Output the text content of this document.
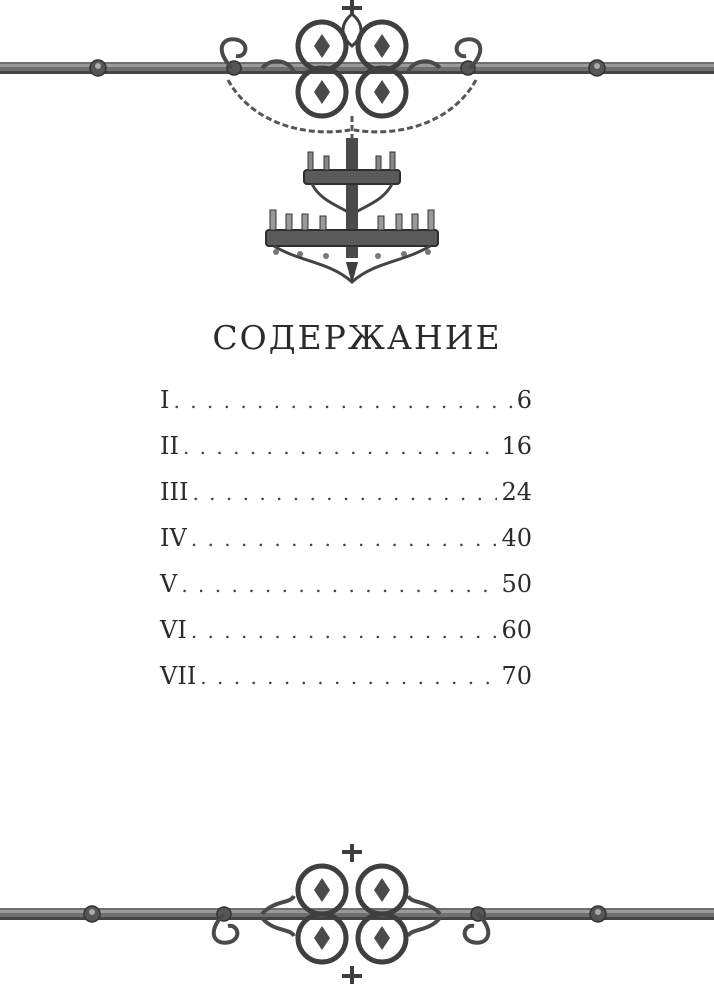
СОДЕРЖАНИЕ
I . . .	6
II . . .	16
III . . .	24
IV . . .	40
V . . .	50
VI . . .	60
VII . . .	70
